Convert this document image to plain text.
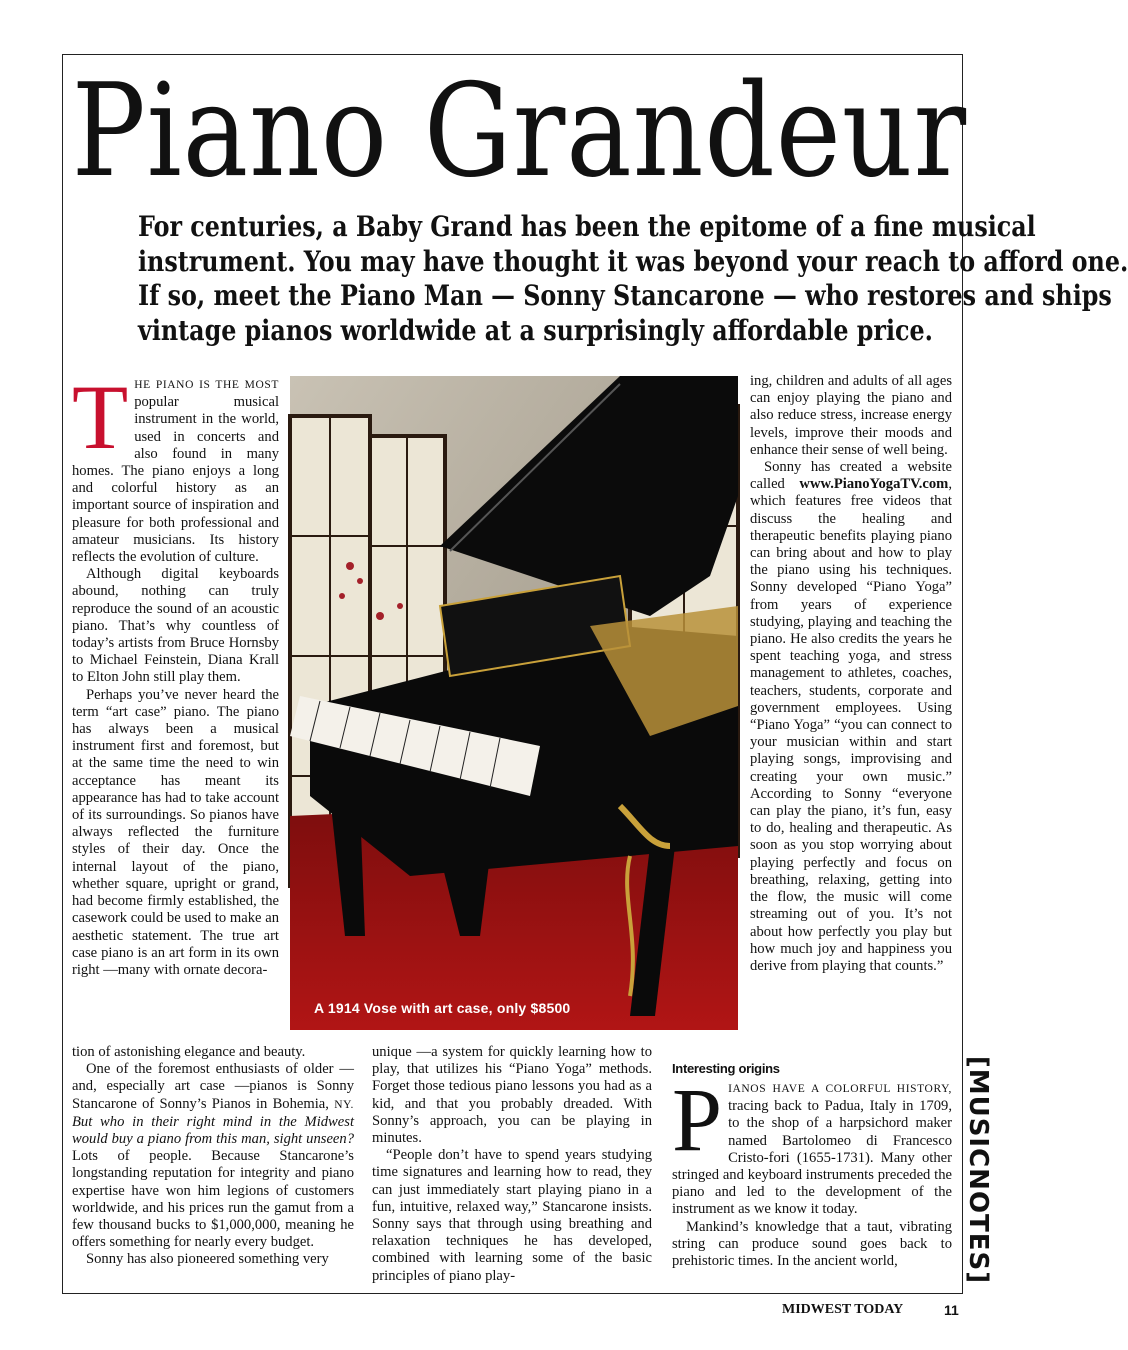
Piano Grandeur
For centuries, a Baby Grand has been the epitome of a fine musical
instrument. You may have thought it was beyond your reach to afford one.
If so, meet the Piano Man — Sonny Stancarone — who restores and ships
vintage pianos worldwide at a surprisingly affordable price.

THE PIANO IS THE MOST popular musical instrument in the world, used in concerts and also found in many homes. The piano enjoys a long and colorful history as an important source of inspiration and pleasure for both professional and amateur musicians. Its history reflects the evolution of culture.

Although digital keyboards abound, nothing can truly reproduce the sound of an acoustic piano. That’s why countless of today’s artists from Bruce Hornsby to Michael Feinstein, Diana Krall to Elton John still play them.

Perhaps you’ve never heard the term “art case” piano. The piano has always been a musical instrument first and foremost, but at the same time the need to win acceptance has meant its appearance has had to take account of its surroundings. So pianos have always reflected the furniture styles of their day. Once the internal layout of the piano, whether square, upright or grand, had become firmly established, the casework could be used to make an aesthetic statement. The true art case piano is an art form in its own right —many with ornate decora-

A 1914 Vose with art case, only $8500

ing, children and adults of all ages can enjoy playing the piano and also reduce stress, increase energy levels, improve their moods and enhance their sense of well being.

Sonny has created a website called www.PianoYogaTV.com, which features free videos that discuss the healing and therapeutic benefits playing piano can bring about and how to play the piano using his techniques. Sonny developed “Piano Yoga” from years of experience studying, playing and teaching the piano. He also credits the years he spent teaching yoga, and stress management to athletes, coaches, teachers, students, corporate and government employees. Using “Piano Yoga” “you can connect to your musician within and start playing songs, improvising and creating your own music.” According to Sonny “everyone can play the piano, it’s fun, easy to do, healing and therapeutic. As soon as you stop worrying about playing perfectly and focus on breathing, relaxing, getting into the flow, the music will come streaming out of you. It’s not about how perfectly you play but how much joy and happiness you derive from playing that counts.”

tion of astonishing elegance and beauty.

One of the foremost enthusiasts of older —and, especially art case —pianos is Sonny Stancarone of Sonny’s Pianos in Bohemia, NY. But who in their right mind in the Midwest would buy a piano from this man, sight unseen? Lots of people. Because Stancarone’s longstanding reputation for integrity and piano expertise have won him legions of customers worldwide, and his prices run the gamut from a few thousand bucks to $1,000,000, meaning he offers something for nearly every budget.

Sonny has also pioneered something very

unique —a system for quickly learning how to play, that utilizes his “Piano Yoga” methods. Forget those tedious piano lessons you had as a kid, and that you probably dreaded. With Sonny’s approach, you can be playing in minutes.

“People don’t have to spend years studying time signatures and learning how to read, they can just immediately start playing piano in a fun, intuitive, relaxed way,” Stancarone insists. Sonny says that through using breathing and relaxation techniques he has developed, combined with learning some of the basic principles of piano play-

Interesting origins

PIANOS HAVE A COLORFUL HISTORY, tracing back to Padua, Italy in 1709, to the shop of a harpsichord maker named Bartolomeo di Francesco Cristo-fori (1655-1731). Many other stringed and keyboard instruments preceded the piano and led to the development of the instrument as we know it today.

Mankind’s knowledge that a taut, vibrating string can produce sound goes back to prehistoric times. In the ancient world,	[MUSICNOTES]
MIDWEST TODAY	11
